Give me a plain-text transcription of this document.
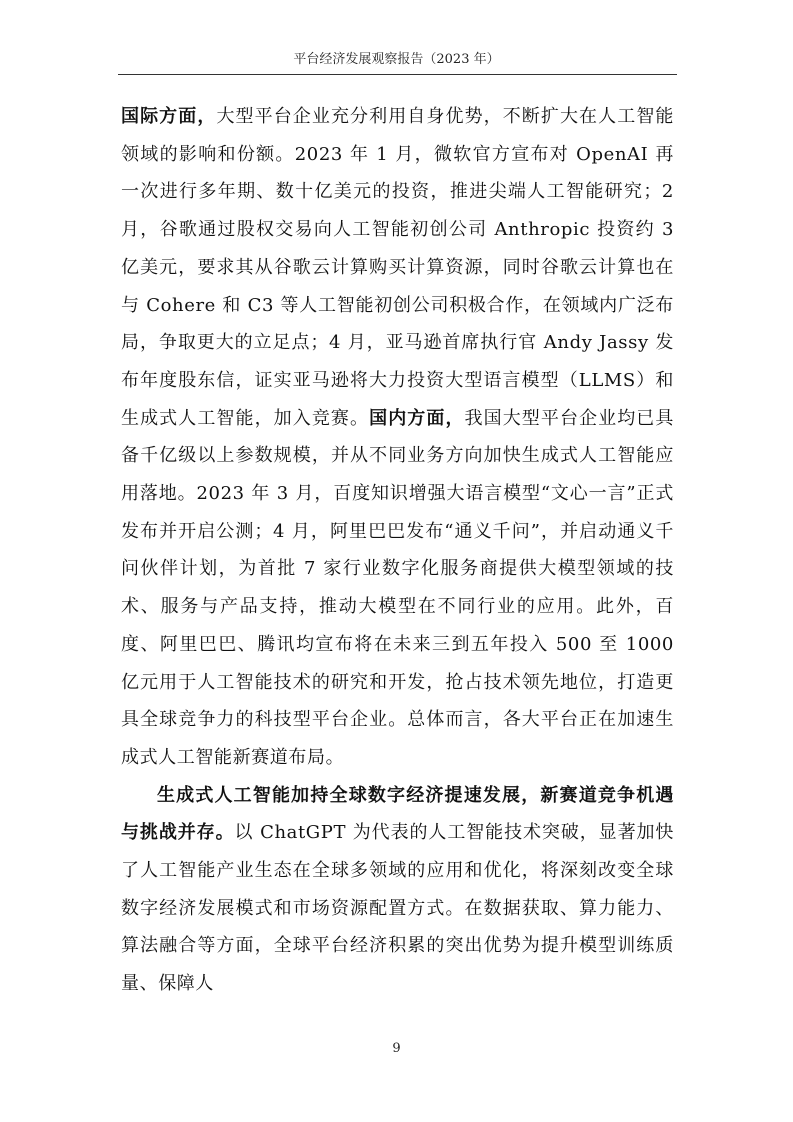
平台经济发展观察报告（2023 年）

国际方面，大型平台企业充分利用自身优势，不断扩大在人工智能领域的影响和份额。2023 年 1 月，微软官方宣布对 OpenAI 再一次进行多年期、数十亿美元的投资，推进尖端人工智能研究；2 月，谷歌通过股权交易向人工智能初创公司 Anthropic 投资约 3 亿美元，要求其从谷歌云计算购买计算资源，同时谷歌云计算也在与 Cohere 和 C3 等人工智能初创公司积极合作，在领域内广泛布局，争取更大的立足点；4 月，亚马逊首席执行官 Andy Jassy 发布年度股东信，证实亚马逊将大力投资大型语言模型（LLMS）和生成式人工智能，加入竞赛。国内方面，我国大型平台企业均已具备千亿级以上参数规模，并从不同业务方向加快生成式人工智能应用落地。2023 年 3 月，百度知识增强大语言模型“文心一言”正式发布并开启公测；4 月，阿里巴巴发布“通义千问”，并启动通义千问伙伴计划，为首批 7 家行业数字化服务商提供大模型领域的技术、服务与产品支持，推动大模型在不同行业的应用。此外，百度、阿里巴巴、腾讯均宣布将在未来三到五年投入 500 至 1000 亿元用于人工智能技术的研究和开发，抢占技术领先地位，打造更具全球竞争力的科技型平台企业。总体而言，各大平台正在加速生成式人工智能新赛道布局。

生成式人工智能加持全球数字经济提速发展，新赛道竞争机遇与挑战并存。以 ChatGPT 为代表的人工智能技术突破，显著加快了人工智能产业生态在全球多领域的应用和优化，将深刻改变全球数字经济发展模式和市场资源配置方式。在数据获取、算力能力、算法融合等方面，全球平台经济积累的突出优势为提升模型训练质量、保障人

9
